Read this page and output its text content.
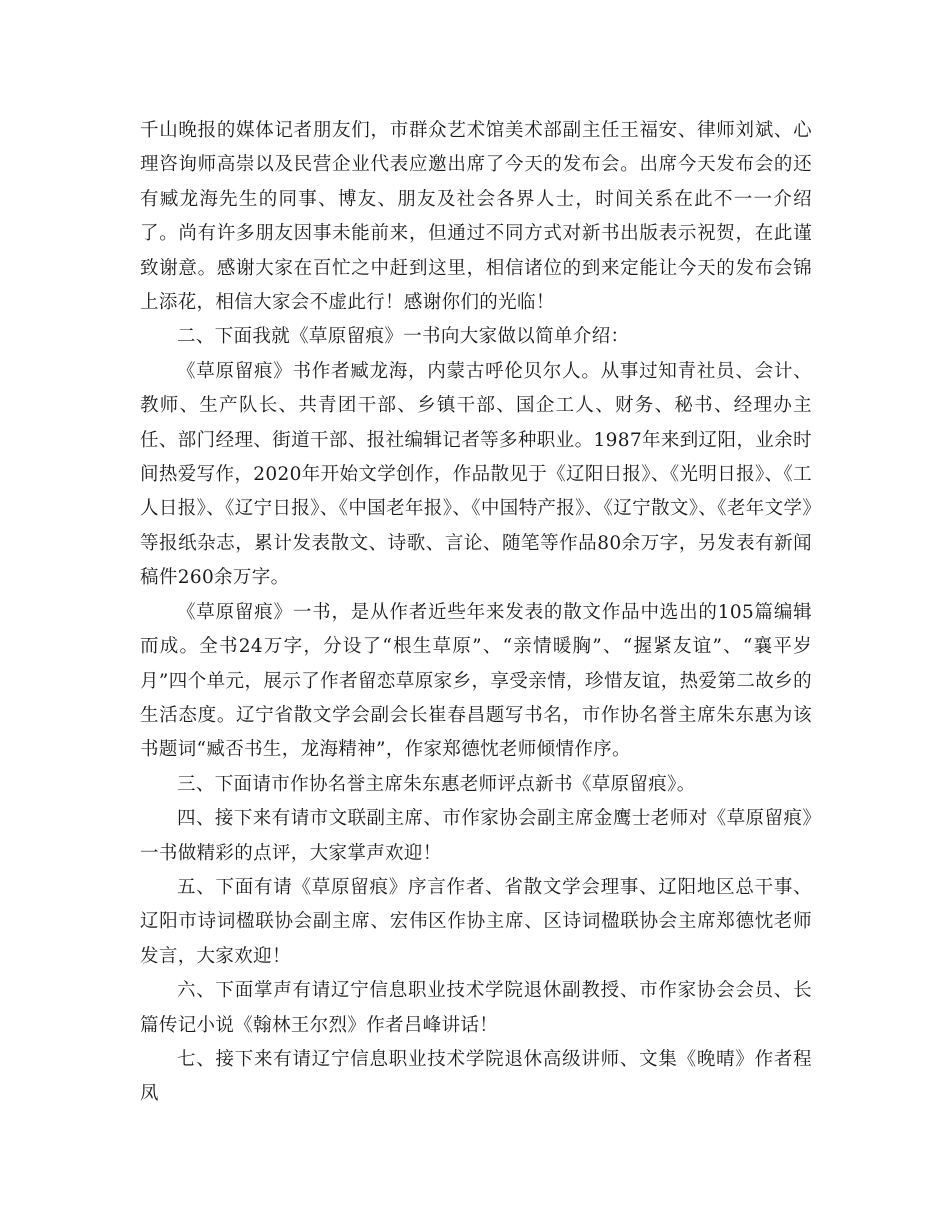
千山晚报的媒体记者朋友们，市群众艺术馆美术部副主任王福安、律师刘斌、心理咨询师高崇以及民营企业代表应邀出席了今天的发布会。出席今天发布会的还有臧龙海先生的同事、博友、朋友及社会各界人士，时间关系在此不一一介绍了。尚有许多朋友因事未能前来，但通过不同方式对新书出版表示祝贺，在此谨致谢意。感谢大家在百忙之中赶到这里，相信诸位的到来定能让今天的发布会锦上添花，相信大家会不虚此行！感谢你们的光临！

二、下面我就《草原留痕》一书向大家做以简单介绍：

《草原留痕》书作者臧龙海，内蒙古呼伦贝尔人。从事过知青社员、会计、教师、生产队长、共青团干部、乡镇干部、国企工人、财务、秘书、经理办主任、部门经理、街道干部、报社编辑记者等多种职业。1987年来到辽阳，业余时间热爱写作，2020年开始文学创作，作品散见于《辽阳日报》、《光明日报》、《工人日报》、《辽宁日报》、《中国老年报》、《中国特产报》、《辽宁散文》、《老年文学》等报纸杂志，累计发表散文、诗歌、言论、随笔等作品80余万字，另发表有新闻稿件260余万字。

《草原留痕》一书，是从作者近些年来发表的散文作品中选出的105篇编辑而成。全书24万字，分设了“根生草原”、“亲情暖胸”、“握紧友谊”、“襄平岁月”四个单元，展示了作者留恋草原家乡，享受亲情，珍惜友谊，热爱第二故乡的生活态度。辽宁省散文学会副会长崔春昌题写书名，市作协名誉主席朱东惠为该书题词“臧否书生，龙海精神”，作家郑德忱老师倾情作序。

三、下面请市作协名誉主席朱东惠老师评点新书《草原留痕》。

四、接下来有请市文联副主席、市作家协会副主席金鹰士老师对《草原留痕》一书做精彩的点评，大家掌声欢迎！

五、下面有请《草原留痕》序言作者、省散文学会理事、辽阳地区总干事、辽阳市诗词楹联协会副主席、宏伟区作协主席、区诗词楹联协会主席郑德忱老师发言，大家欢迎！

六、下面掌声有请辽宁信息职业技术学院退休副教授、市作家协会会员、长篇传记小说《翰林王尔烈》作者吕峰讲话！

七、接下来有请辽宁信息职业技术学院退休高级讲师、文集《晚晴》作者程凤
